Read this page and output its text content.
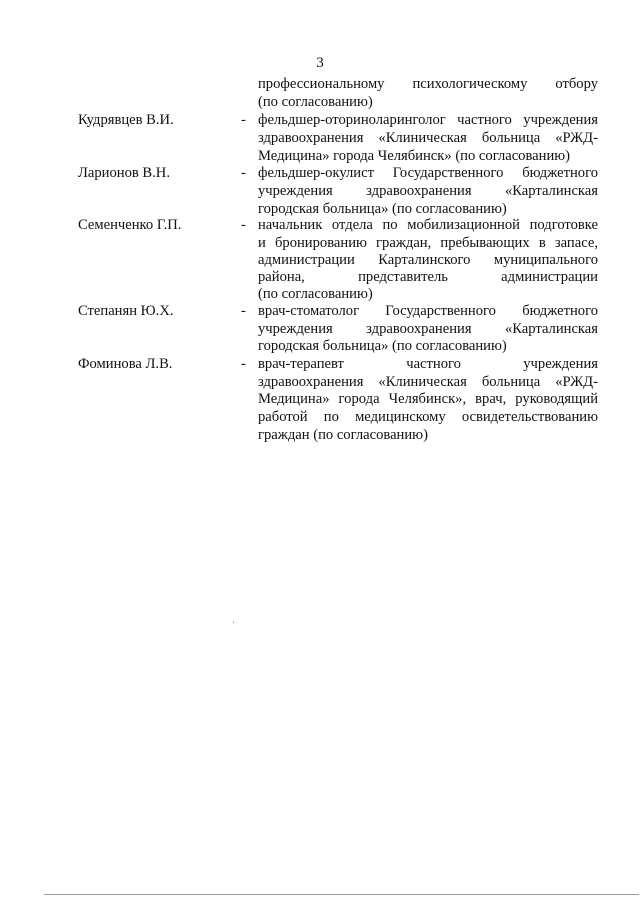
3
профессиональному психологическому отбору
(по согласованию)
Кудрявцев В.И.	- фельдшер-оториноларинголог частного учреждения
здравоохранения «Клиническая больница «РЖД-
Медицина» города Челябинск» (по согласованию)
Ларионов В.Н.	- фельдшер-окулист Государственного бюджетного
учреждения здравоохранения «Карталинская
городская больница» (по согласованию)
Семенченко Г.П.	- начальник отдела по мобилизационной подготовке
и бронированию граждан, пребывающих в запасе,
администрации Карталинского муниципального
района, представитель администрации
(по согласованию)
Степанян Ю.Х.	- врач-стоматолог Государственного бюджетного
учреждения здравоохранения «Карталинская
городская больница» (по согласованию)
Фоминова Л.В.	- врач-терапевт частного учреждения
здравоохранения «Клиническая больница «РЖД-
Медицина» города Челябинск», врач, руководящий
работой по медицинскому освидетельствованию
граждан (по согласованию)
